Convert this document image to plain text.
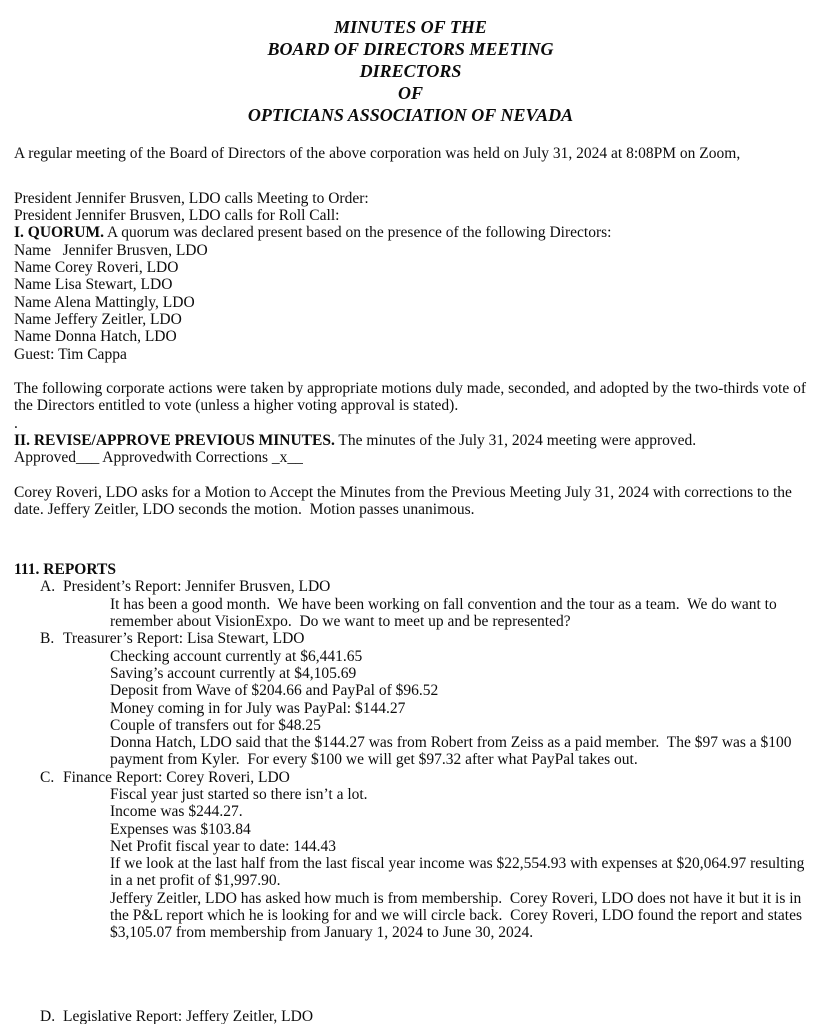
MINUTES OF THE

BOARD OF DIRECTORS MEETING

DIRECTORS

OF

OPTICIANS ASSOCIATION OF NEVADA

A regular meeting of the Board of Directors of the above corporation was held on July 31, 2024 at 8:08PM on Zoom,

President Jennifer Brusven, LDO calls Meeting to Order:

President Jennifer Brusven, LDO calls for Roll Call:

I. QUORUM. A quorum was declared present based on the presence of the following Directors:

Name   Jennifer Brusven, LDO

Name Corey Roveri, LDO

Name Lisa Stewart, LDO

Name Alena Mattingly, LDO

Name Jeffery Zeitler, LDO

Name Donna Hatch, LDO

Guest: Tim Cappa

The following corporate actions were taken by appropriate motions duly made, seconded, and adopted by the two-thirds vote of the Directors entitled to vote (unless a higher voting approval is stated).

.

II. REVISE/APPROVE PREVIOUS MINUTES. The minutes of the July 31, 2024 meeting were approved.

Approved___ Approvedwith Corrections _x__

Corey Roveri, LDO asks for a Motion to Accept the Minutes from the Previous Meeting July 31, 2024 with corrections to the date. Jeffery Zeitler, LDO seconds the motion.  Motion passes unanimous.

111. REPORTS

A. President’s Report: Jennifer Brusven, LDO

It has been a good month.  We have been working on fall convention and the tour as a team.  We do want to remember about VisionExpo.  Do we want to meet up and be represented?

B. Treasurer’s Report: Lisa Stewart, LDO

Checking account currently at $6,441.65

Saving’s account currently at $4,105.69

Deposit from Wave of $204.66 and PayPal of $96.52

Money coming in for July was PayPal: $144.27

Couple of transfers out for $48.25

Donna Hatch, LDO said that the $144.27 was from Robert from Zeiss as a paid member.  The $97 was a $100 payment from Kyler.  For every $100 we will get $97.32 after what PayPal takes out.

C. Finance Report: Corey Roveri, LDO

Fiscal year just started so there isn’t a lot.

Income was $244.27.

Expenses was $103.84

Net Profit fiscal year to date: 144.43

If we look at the last half from the last fiscal year income was $22,554.93 with expenses at $20,064.97 resulting in a net profit of $1,997.90.

Jeffery Zeitler, LDO has asked how much is from membership.  Corey Roveri, LDO does not have it but it is in the P&L report which he is looking for and we will circle back.  Corey Roveri, LDO found the report and states $3,105.07 from membership from January 1, 2024 to June 30, 2024.

D. Legislative Report: Jeffery Zeitler, LDO
